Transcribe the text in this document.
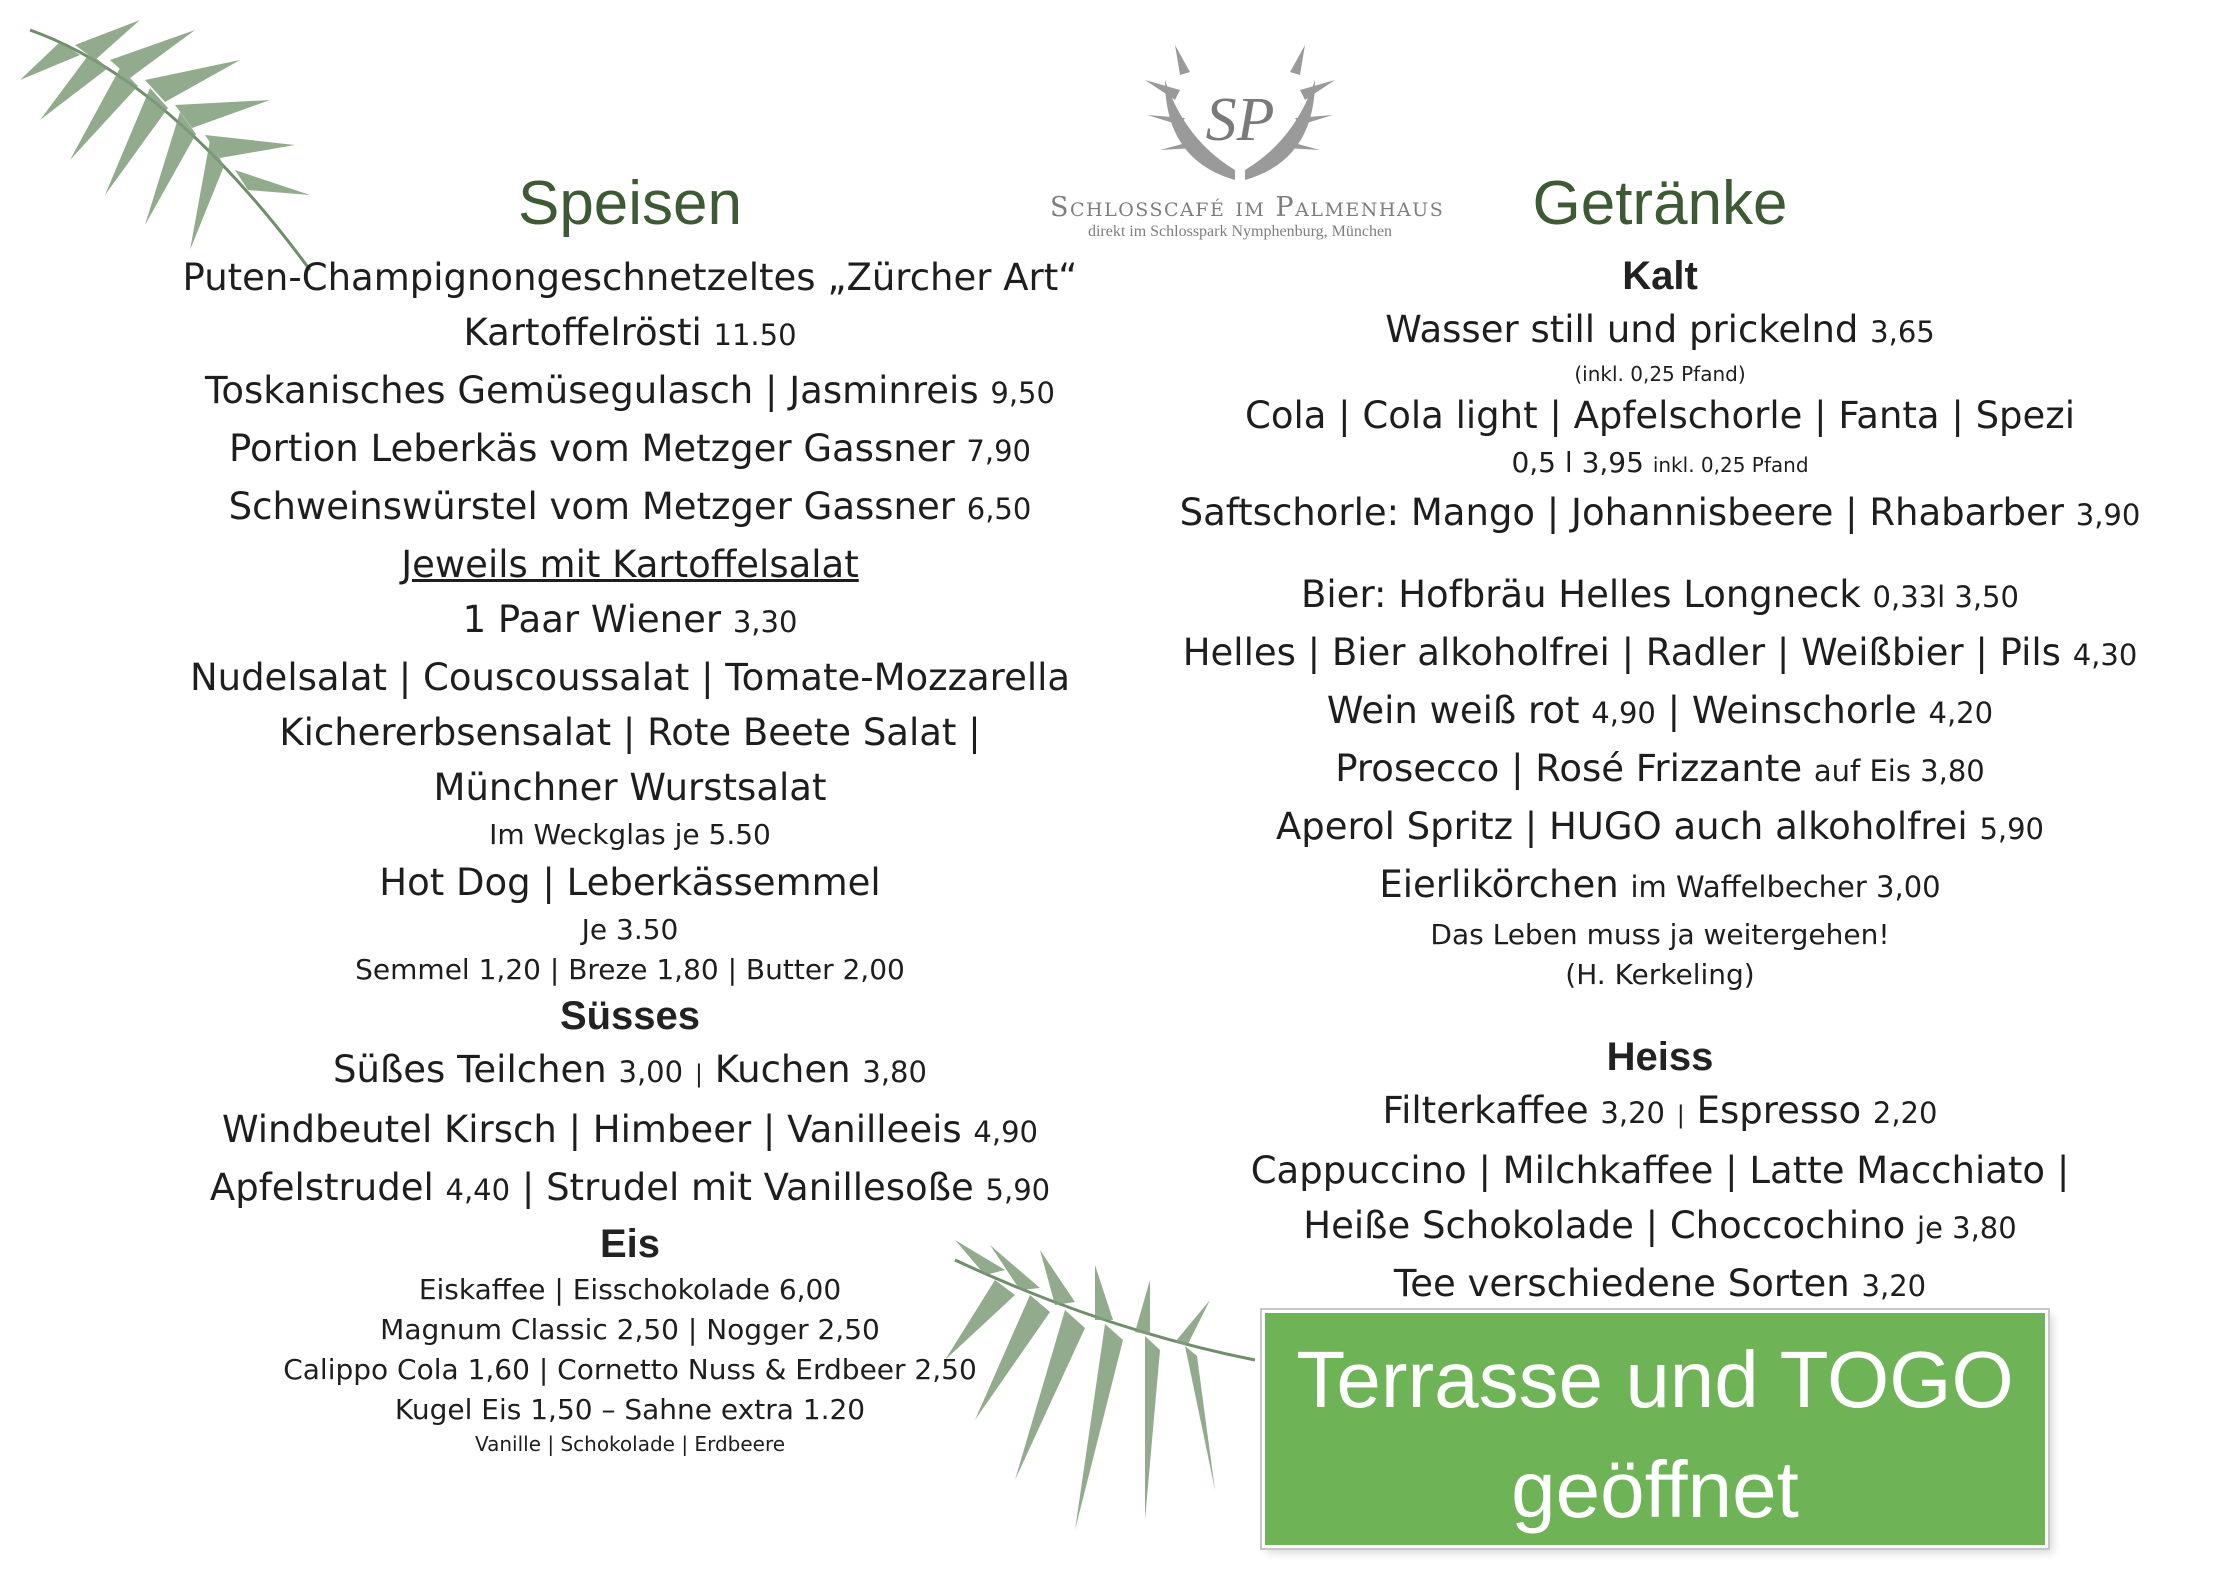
SP
Schlosscafé im Palmenhaus
direkt im Schlosspark Nymphenburg, München
Speisen
Puten-Champignongeschnetzeltes „Zürcher Art“
Kartoffelrösti 11.50
Toskanisches Gemüsegulasch | Jasminreis 9,50
Portion Leberkäs vom Metzger Gassner 7,90
Schweinswürstel vom Metzger Gassner 6,50
Jeweils mit Kartoffelsalat
1 Paar Wiener 3,30
Nudelsalat | Couscoussalat | Tomate-Mozzarella
Kichererbsensalat | Rote Beete Salat |
Münchner Wurstsalat
Im Weckglas je 5.50
Hot Dog | Leberkässemmel
Je 3.50
Semmel 1,20 | Breze 1,80 | Butter 2,00
Süsses
Süßes Teilchen 3,00 | Kuchen 3,80
Windbeutel Kirsch | Himbeer | Vanilleeis 4,90
Apfelstrudel 4,40 | Strudel mit Vanillesoße 5,90
Eis
Eiskaffee | Eisschokolade 6,00
Magnum Classic 2,50 | Nogger 2,50
Calippo Cola 1,60 | Cornetto Nuss & Erdbeer 2,50
Kugel Eis 1,50 – Sahne extra 1.20
Vanille | Schokolade | Erdbeere
Getränke
Kalt
Wasser still und prickelnd 3,65
(inkl. 0,25 Pfand)
Cola | Cola light | Apfelschorle | Fanta | Spezi
0,5 l 3,95 inkl. 0,25 Pfand
Saftschorle: Mango | Johannisbeere | Rhabarber 3,90
Bier: Hofbräu Helles Longneck 0,33l 3,50
Helles | Bier alkoholfrei | Radler | Weißbier | Pils 4,30
Wein weiß rot 4,90 | Weinschorle 4,20
Prosecco | Rosé Frizzante auf Eis 3,80
Aperol Spritz | HUGO auch alkoholfrei 5,90
Eierlikörchen im Waffelbecher 3,00
Das Leben muss ja weitergehen!
(H. Kerkeling)
Heiss
Filterkaffee 3,20 | Espresso 2,20
Cappuccino | Milchkaffee | Latte Macchiato |
Heiße Schokolade | Choccochino je 3,80
Tee verschiedene Sorten 3,20
Terrasse und TOGO
geöffnet
